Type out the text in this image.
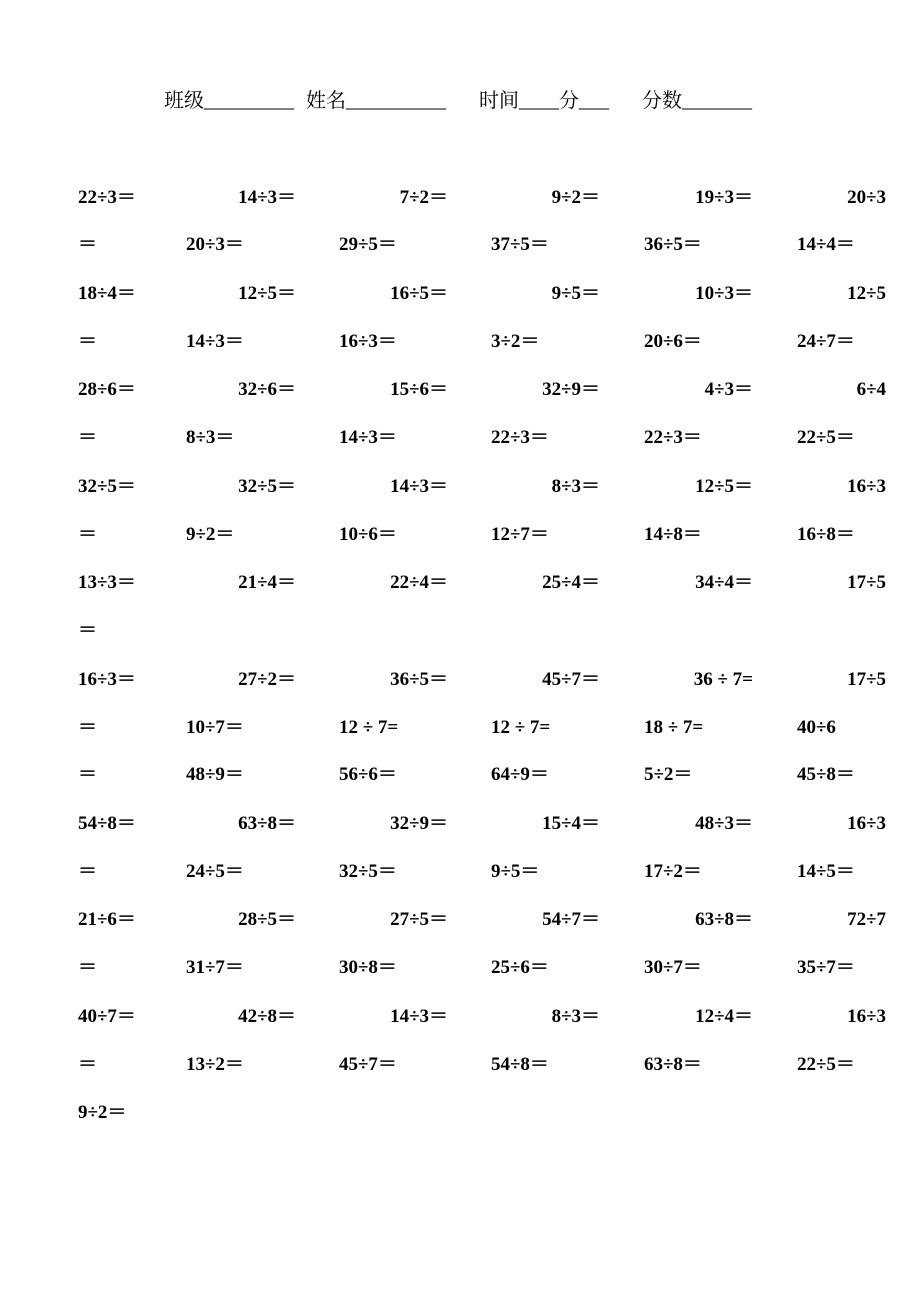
班级_________ 姓名__________ 时间____分___ 分数_______
22÷3＝	14÷3＝	7÷2＝	9÷2＝	19÷3＝	20÷3
＝	20÷3＝	29÷5＝	37÷5＝	36÷5＝	14÷4＝
18÷4＝	12÷5＝	16÷5＝	9÷5＝	10÷3＝	12÷5
＝	14÷3＝	16÷3＝	3÷2＝	20÷6＝	24÷7＝
28÷6＝	32÷6＝	15÷6＝	32÷9＝	4÷3＝	6÷4
＝	8÷3＝	14÷3＝	22÷3＝	22÷3＝	22÷5＝
32÷5＝	32÷5＝	14÷3＝	8÷3＝	12÷5＝	16÷3
＝	9÷2＝	10÷6＝	12÷7＝	14÷8＝	16÷8＝
13÷3＝	21÷4＝	22÷4＝	25÷4＝	34÷4＝	17÷5
＝
16÷3＝	27÷2＝	36÷5＝	45÷7＝	36 ÷ 7=	17÷5
＝	10÷7＝	12 ÷ 7=	12 ÷ 7=	18 ÷ 7=	40÷6
＝	48÷9＝	56÷6＝	64÷9＝	5÷2＝	45÷8＝
54÷8＝	63÷8＝	32÷9＝	15÷4＝	48÷3＝	16÷3
＝	24÷5＝	32÷5＝	9÷5＝	17÷2＝	14÷5＝
21÷6＝	28÷5＝	27÷5＝	54÷7＝	63÷8＝	72÷7
＝	31÷7＝	30÷8＝	25÷6＝	30÷7＝	35÷7＝
40÷7＝	42÷8＝	14÷3＝	8÷3＝	12÷4＝	16÷3
＝	13÷2＝	45÷7＝	54÷8＝	63÷8＝	22÷5＝
9÷2＝
